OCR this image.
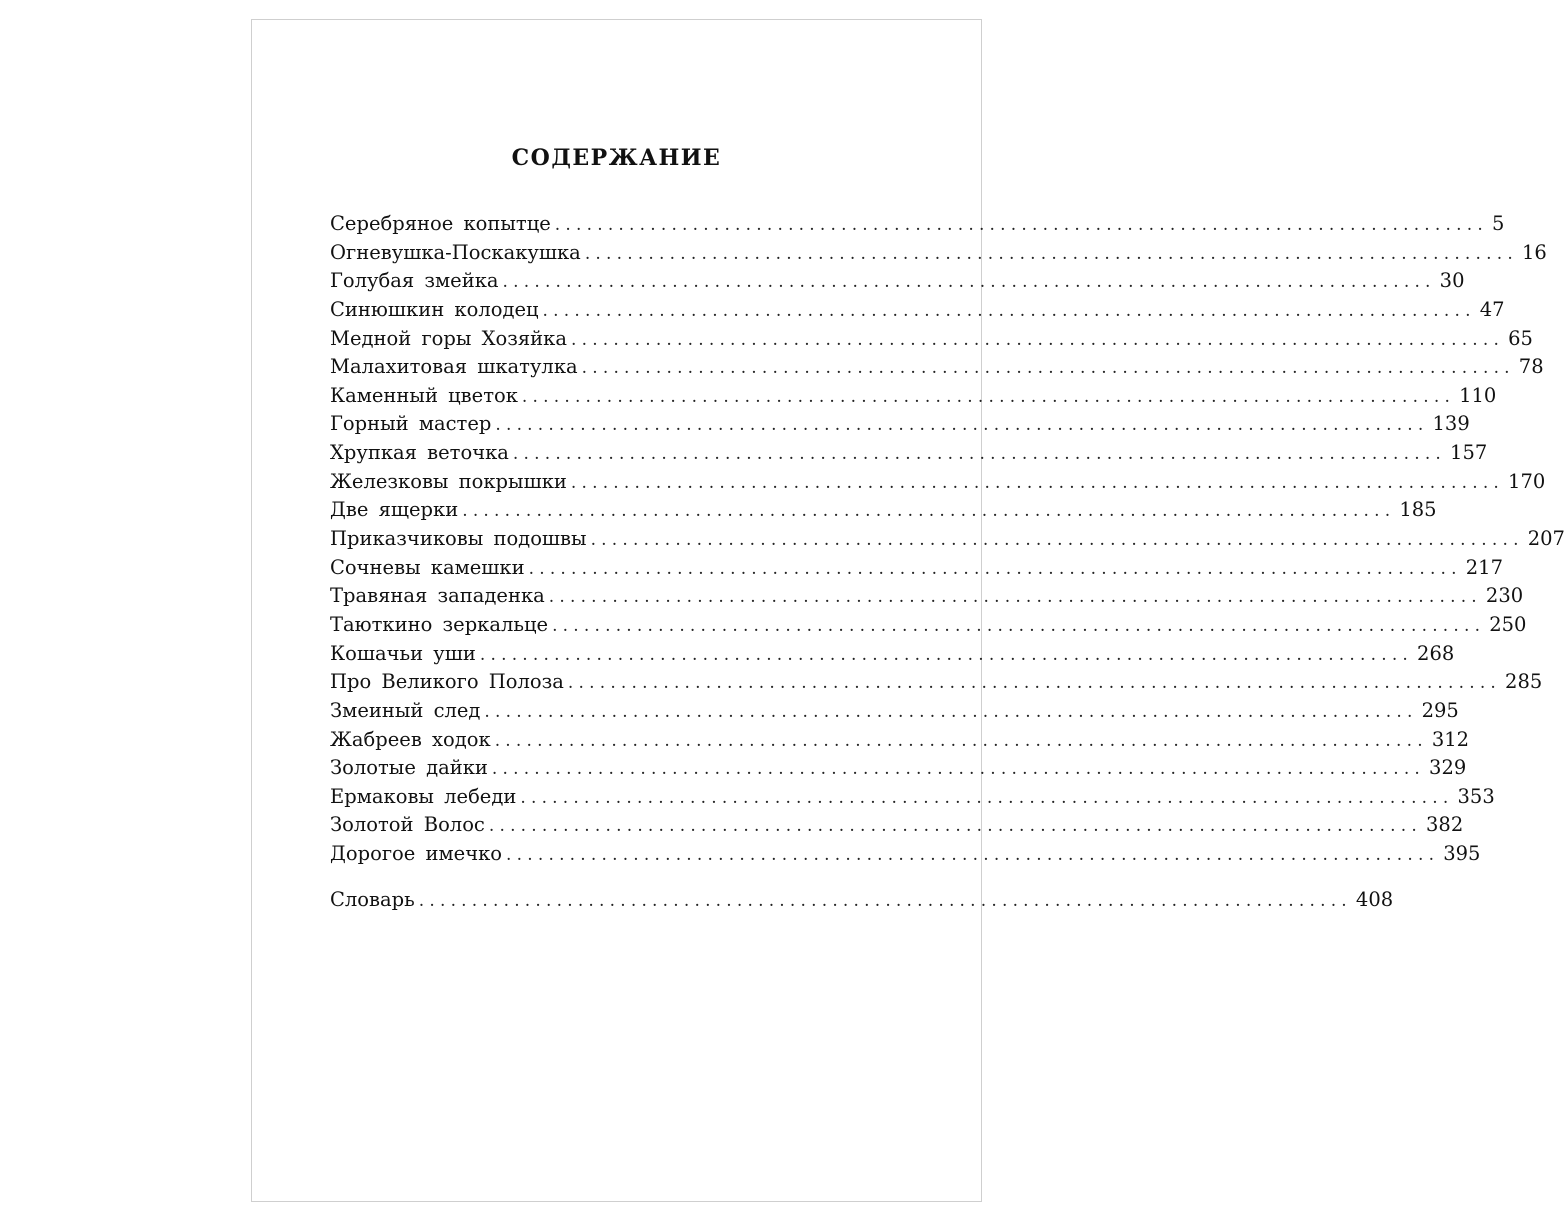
СОДЕРЖАНИЕ
Серебряное копытце ........................................................................................ 5
Огневушка-Поскакушка ........................................................................................ 16
Голубая змейка ........................................................................................ 30
Синюшкин колодец ........................................................................................ 47
Медной горы Хозяйка ........................................................................................ 65
Малахитовая шкатулка ........................................................................................ 78
Каменный цветок ........................................................................................ 110
Горный мастер ........................................................................................ 139
Хрупкая веточка ........................................................................................ 157
Железковы покрышки ........................................................................................ 170
Две ящерки ........................................................................................ 185
Приказчиковы подошвы ........................................................................................ 207
Сочневы камешки ........................................................................................ 217
Травяная западенка ........................................................................................ 230
Таюткино зеркальце ........................................................................................ 250
Кошачьи уши ........................................................................................ 268
Про Великого Полоза ........................................................................................ 285
Змеиный след ........................................................................................ 295
Жабреев ходок ........................................................................................ 312
Золотые дайки ........................................................................................ 329
Ермаковы лебеди ........................................................................................ 353
Золотой Волос ........................................................................................ 382
Дорогое имечко ........................................................................................ 395
Словарь ........................................................................................ 408
